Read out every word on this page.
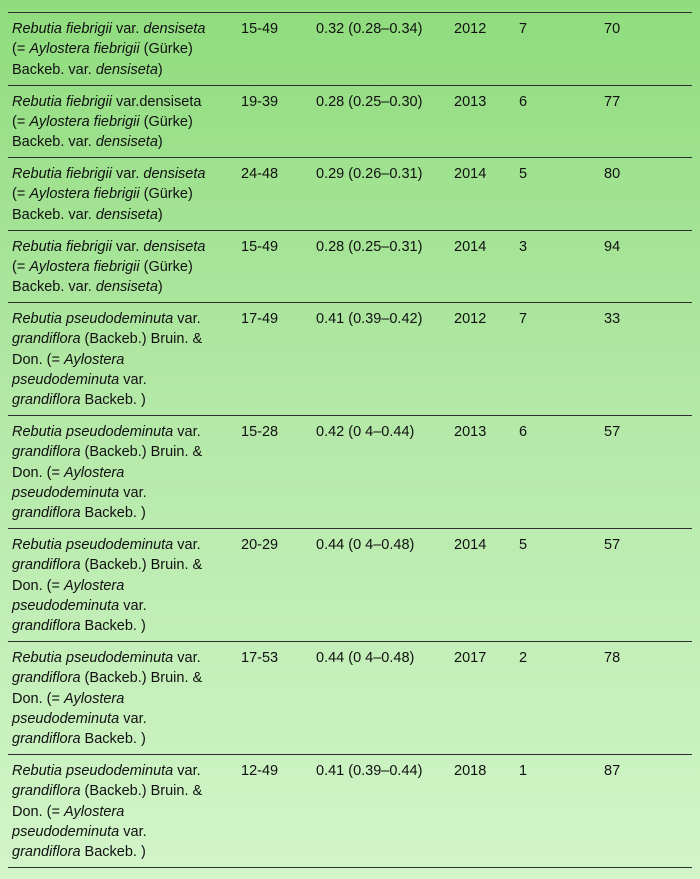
Rebutia fiebrigii var. densiseta
(= Aylostera fiebrigii (Gürke)
Backeb. var. densiseta)
15-49	0.32 (0.28–0.34)	2012	7	70
Rebutia fiebrigii var.densiseta
(= Aylostera fiebrigii (Gürke)
Backeb. var. densiseta)
19-39	0.28 (0.25–0.30)	2013	6	77
Rebutia fiebrigii var. densiseta
(= Aylostera fiebrigii (Gürke)
Backeb. var. densiseta)
24-48	0.29 (0.26–0.31)	2014	5	80
Rebutia fiebrigii var. densiseta
(= Aylostera fiebrigii (Gürke)
Backeb. var. densiseta)
15-49	0.28 (0.25–0.31)	2014	3	94
Rebutia pseudodeminuta var.
grandiflora (Backeb.) Bruin. &
Don. (= Aylostera
pseudodeminuta var.
grandiflora Backeb. )
17-49	0.41 (0.39–0.42)	2012	7	33
Rebutia pseudodeminuta var.
grandiflora (Backeb.) Bruin. &
Don. (= Aylostera
pseudodeminuta var.
grandiflora Backeb. )
15-28	0.42 (0 4–0.44)	2013	6	57
Rebutia pseudodeminuta var.
grandiflora (Backeb.) Bruin. &
Don. (= Aylostera
pseudodeminuta var.
grandiflora Backeb. )
20-29	0.44 (0 4–0.48)	2014	5	57
Rebutia pseudodeminuta var.
grandiflora (Backeb.) Bruin. &
Don. (= Aylostera
pseudodeminuta var.
grandiflora Backeb. )
17-53	0.44 (0 4–0.48)	2017	2	78
Rebutia pseudodeminuta var.
grandiflora (Backeb.) Bruin. &
Don. (= Aylostera
pseudodeminuta var.
grandiflora Backeb. )
12-49	0.41 (0.39–0.44)	2018	1	87
